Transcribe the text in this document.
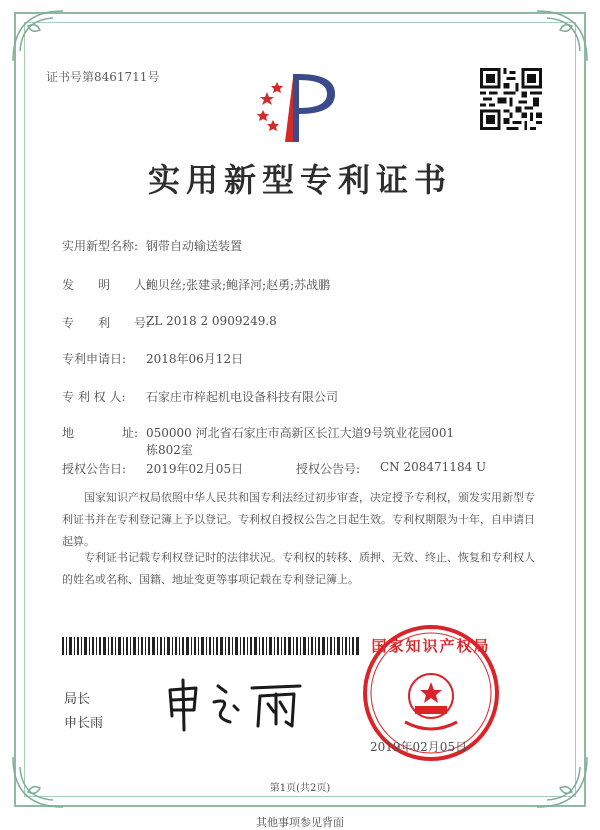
证书号第8461711号
实用新型专利证书
实用新型名称: 钢带自动输送装置
发　　明　　人:
鲍贝丝;张建录;鲍泽河;赵勇;苏战鹏
专　　利　　号:
ZL 2018 2 0909249.8
专利申请日: 2018年06月12日
专 利 权 人: 石家庄市梓起机电设备科技有限公司
地　　　　址: 050000 河北省石家庄市高新区长江大道9号筑业花园001
栋802室
授权公告日: 2019年02月05日	授权公告号: CN 208471184 U
国家知识产权局依照中华人民共和国专利法经过初步审查，决定授予专利权，颁发实用新型专利证书并在专利登记簿上予以登记。专利权自授权公告之日起生效。专利权期限为十年，自申请日起算。
专利证书记载专利权登记时的法律状况。专利权的转移、质押、无效、终止、恢复和专利权人的姓名或名称、国籍、地址变更等事项记载在专利登记簿上。
局长
申长雨
国家知识产权局
2019年02月05日
第1页(共2页)
其他事项参见背面
